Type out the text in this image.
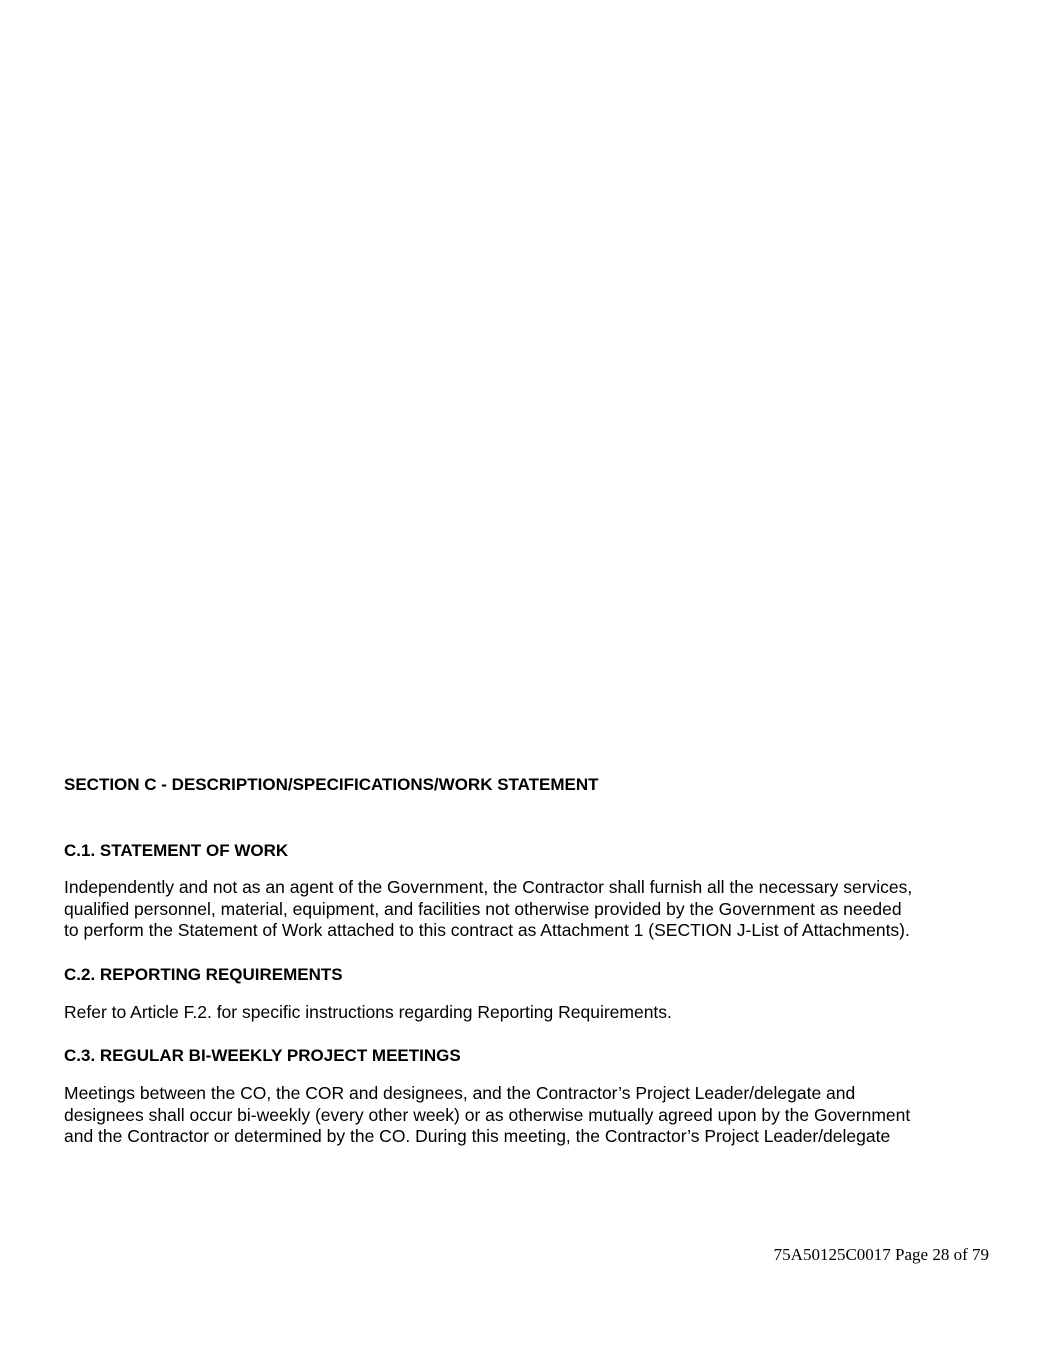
SECTION C - DESCRIPTION/SPECIFICATIONS/WORK STATEMENT
C.1. STATEMENT OF WORK

Independently and not as an agent of the Government, the Contractor shall furnish all the necessary services,
qualified personnel, material, equipment, and facilities not otherwise provided by the Government as needed
to perform the Statement of Work attached to this contract as Attachment 1 (SECTION J-List of Attachments).

C.2. REPORTING REQUIREMENTS

Refer to Article F.2. for specific instructions regarding Reporting Requirements.

C.3. REGULAR BI-WEEKLY PROJECT MEETINGS

Meetings between the CO, the COR and designees, and the Contractor’s Project Leader/delegate and
designees shall occur bi-weekly (every other week) or as otherwise mutually agreed upon by the Government
and the Contractor or determined by the CO. During this meeting, the Contractor’s Project Leader/delegate

75A50125C0017 Page 28 of 79
